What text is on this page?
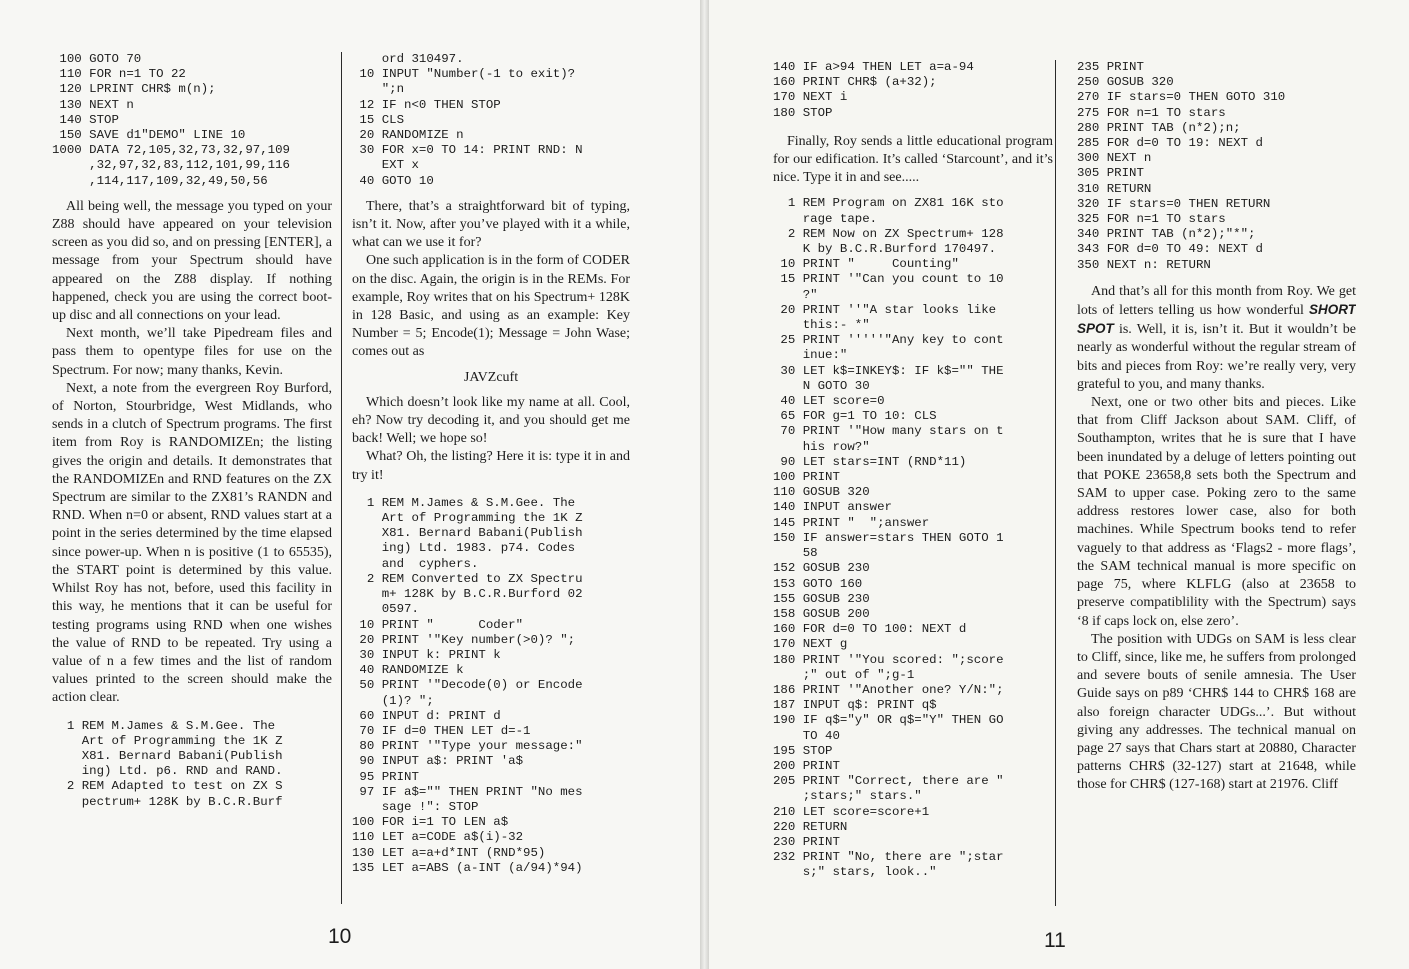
100 GOTO 70
110 FOR n=1 TO 22
120 LPRINT CHR$ m(n);
130 NEXT n
140 STOP
150 SAVE d1"DEMO" LINE 10
1000 DATA 72,105,32,73,32,97,109
,32,97,32,83,112,101,99,116
,114,117,109,32,49,50,56

All being well, the message you typed on your Z88 should have appeared on your television screen as you did so, and on pressing [ENTER], a message from your Spectrum should have appeared on the Z88 display. If nothing happened, check you are using the correct boot-up disc and all connections on your lead.

Next month, we’ll take Pipedream files and pass them to opentype files for use on the Spectrum. For now; many thanks, Kevin.

Next, a note from the evergreen Roy Burford, of Norton, Stourbridge, West Midlands, who sends in a clutch of Spectrum programs. The first item from Roy is RANDOMIZEn; the listing gives the origin and details. It demonstrates that the RANDOMIZEn and RND features on the ZX Spectrum are similar to the ZX81’s RANDN and RND. When n=0 or absent, RND values start at a point in the series determined by the time elapsed since power-up. When n is positive (1 to 65535), the START point is determined by this value. Whilst Roy has not, before, used this facility in this way, he mentions that it can be useful for testing programs using RND when one wishes the value of RND to be repeated. Try using a value of n a few times and the list of random values printed to the screen should make the action clear.

1 REM M.James & S.M.Gee. The
Art of Programming the 1K Z
X81. Bernard Babani(Publish
ing) Ltd. p6. RND and RAND.
2 REM Adapted to test on ZX S
pectrum+ 128K by B.C.R.Burf
ord 310497.
10 INPUT "Number(-1 to exit)?
";n
12 IF n<0 THEN STOP
15 CLS
20 RANDOMIZE n
30 FOR x=0 TO 14: PRINT RND: N
EXT x
40 GOTO 10

There, that’s a straightforward bit of typing, isn’t it. Now, after you’ve played with it a while, what can we use it for?

One such application is in the form of CODER on the disc. Again, the origin is in the REMs. For example, Roy writes that on his Spectrum+ 128K in 128 Basic, and using as an example: Key Number = 5; Encode(1); Message = John Wase; comes out as

JAVZcuft

Which doesn’t look like my name at all. Cool, eh? Now try decoding it, and you should get me back! Well; we hope so!

What? Oh, the listing? Here it is: type it in and try it!

1 REM M.James & S.M.Gee. The
Art of Programming the 1K Z
X81. Bernard Babani(Publish
ing) Ltd. 1983. p74. Codes
and  cyphers.
2 REM Converted to ZX Spectru
m+ 128K by B.C.R.Burford 02
0597.
10 PRINT "      Coder"
20 PRINT '"Key number(>0)? ";
30 INPUT k: PRINT k
40 RANDOMIZE k
50 PRINT '"Decode(0) or Encode
(1)? ";
60 INPUT d: PRINT d
70 IF d=0 THEN LET d=-1
80 PRINT '"Type your message:"
90 INPUT a$: PRINT 'a$
95 PRINT
97 IF a$="" THEN PRINT "No mes
sage !": STOP
100 FOR i=1 TO LEN a$
110 LET a=CODE a$(i)-32
130 LET a=a+d*INT (RND*95)
135 LET a=ABS (a-INT (a/94)*94)
10
140 IF a>94 THEN LET a=a-94
160 PRINT CHR$ (a+32);
170 NEXT i
180 STOP

Finally, Roy sends a little educational program for our edification. It’s called ‘Starcount’, and it’s nice. Type it in and see.....

1 REM Program on ZX81 16K sto
rage tape.
2 REM Now on ZX Spectrum+ 128
K by B.C.R.Burford 170497.
10 PRINT "     Counting"
15 PRINT '"Can you count to 10
?"
20 PRINT ''"A star looks like
this:- *"
25 PRINT '''''"Any key to cont
inue:"
30 LET k$=INKEY$: IF k$="" THE
N GOTO 30
40 LET score=0
65 FOR g=1 TO 10: CLS
70 PRINT '"How many stars on t
his row?"
90 LET stars=INT (RND*11)
100 PRINT
110 GOSUB 320
140 INPUT answer
145 PRINT "  ";answer
150 IF answer=stars THEN GOTO 1
58
152 GOSUB 230
153 GOTO 160
155 GOSUB 230
158 GOSUB 200
160 FOR d=0 TO 100: NEXT d
170 NEXT g
180 PRINT '"You scored: ";score
;" out of ";g-1
186 PRINT '"Another one? Y/N:";
187 INPUT q$: PRINT q$
190 IF q$="y" OR q$="Y" THEN GO
TO 40
195 STOP
200 PRINT
205 PRINT "Correct, there are "
;stars;" stars."
210 LET score=score+1
220 RETURN
230 PRINT
232 PRINT "No, there are ";star
s;" stars, look.."
235 PRINT
250 GOSUB 320
270 IF stars=0 THEN GOTO 310
275 FOR n=1 TO stars
280 PRINT TAB (n*2);n;
285 FOR d=0 TO 19: NEXT d
300 NEXT n
305 PRINT
310 RETURN
320 IF stars=0 THEN RETURN
325 FOR n=1 TO stars
340 PRINT TAB (n*2);"*";
343 FOR d=0 TO 49: NEXT d
350 NEXT n: RETURN

And that’s all for this month from Roy. We get lots of letters telling us how wonderful SHORT SPOT is. Well, it is, isn’t it. But it wouldn’t be nearly as wonderful without the regular stream of bits and pieces from Roy: we’re really very, very grateful to you, and many thanks.

Next, one or two other bits and pieces. Like that from Cliff Jackson about SAM. Cliff, of Southampton, writes that he is sure that I have been inundated by a deluge of letters pointing out that POKE 23658,8 sets both the Spectrum and SAM to upper case. Poking zero to the same address restores lower case, also for both machines. While Spectrum books tend to refer vaguely to that address as ‘Flags2 - more flags’, the SAM technical manual is more specific on page 75, where KLFLG (also at 23658 to preserve compatiblility with the Spectrum) says ‘8 if caps lock on, else zero’.

The position with UDGs on SAM is less clear to Cliff, since, like me, he suffers from prolonged and severe bouts of senile amnesia. The User Guide says on p89 ‘CHR$ 144 to CHR$ 168 are also foreign character UDGs...’. But without giving any addresses. The technical manual on page 27 says that Chars start at 20880, Character patterns CHR$ (32-127) start at 21648, while those for CHR$ (127-168) start at 21976. Cliff

11
